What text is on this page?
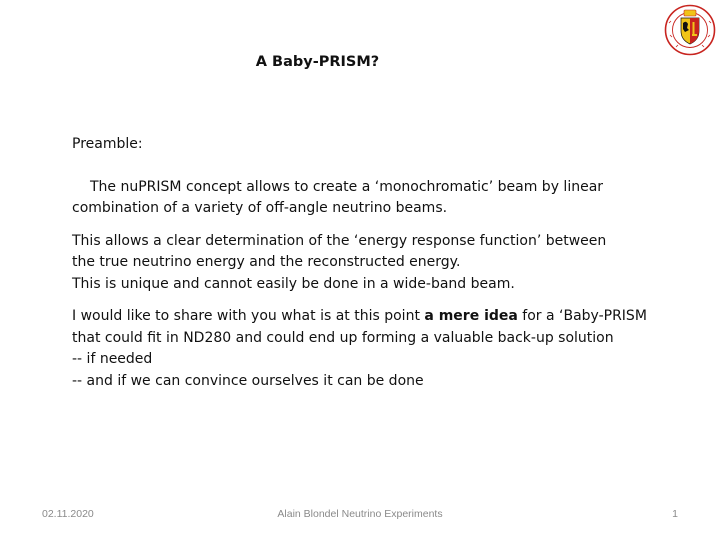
A Baby-PRISM?

Preamble:

The nuPRISM concept allows to create a ‘monochromatic’ beam by linear

combination of a variety of off-angle neutrino beams.

This allows a clear determination of the ‘energy response function’ between

the true neutrino energy and the reconstructed energy.

This is unique and cannot easily be done in a wide-band beam.

I would like to share with you what is at this point a mere idea for a ‘Baby-PRISM

that could fit in ND280 and could end up forming a valuable back-up solution

-- if needed

-- and if we can convince ourselves it can be done

02.11.2020	Alain Blondel Neutrino Experiments	1
